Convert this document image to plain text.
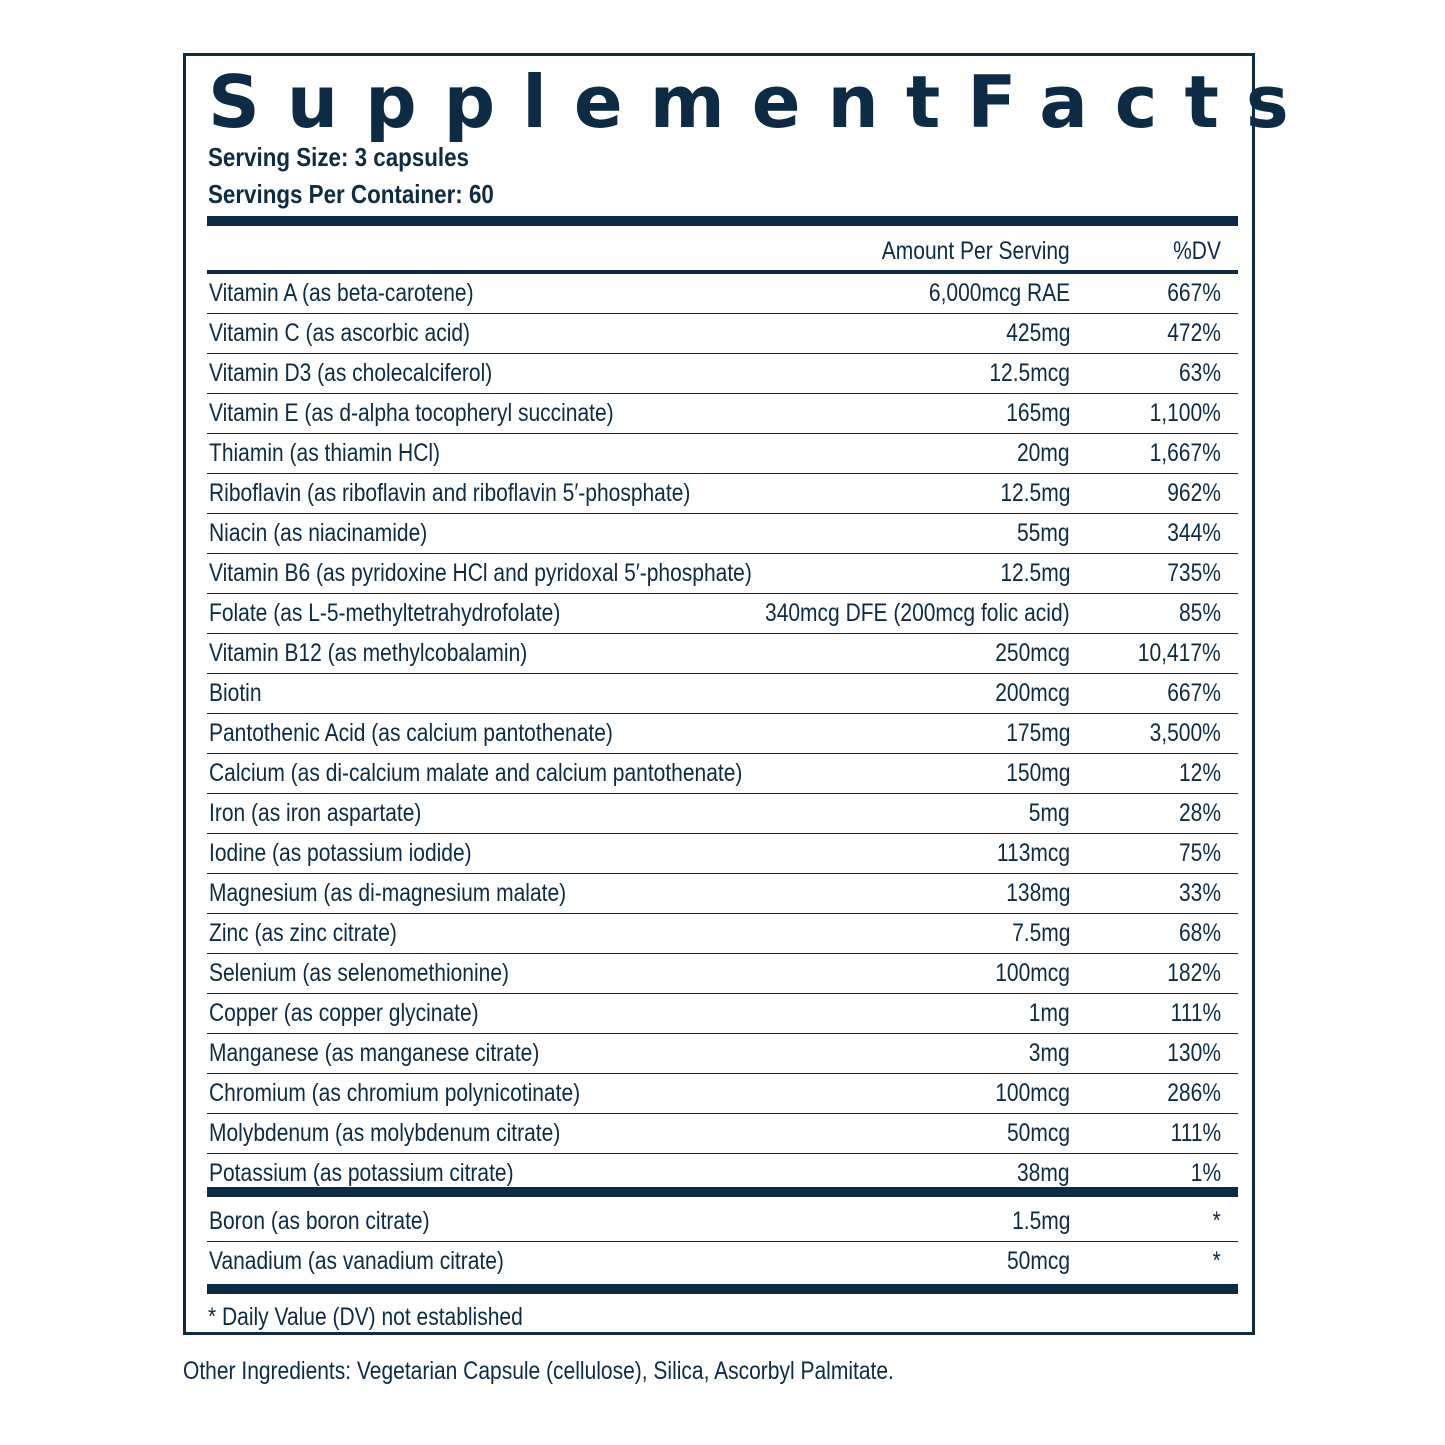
Supplement Facts
Serving Size: 3 capsules
Servings Per Container: 60
Amount Per Serving	%DV
Vitamin A (as beta-carotene)	6,000mcg RAE	667%
Vitamin C (as ascorbic acid)	425mg	472%
Vitamin D3 (as cholecalciferol)	12.5mcg	63%
Vitamin E (as d-alpha tocopheryl succinate)	165mg	1,100%
Thiamin (as thiamin HCl)	20mg	1,667%
Riboflavin (as riboflavin and riboflavin 5′-phosphate)	12.5mg	962%
Niacin (as niacinamide)	55mg	344%
Vitamin B6 (as pyridoxine HCl and pyridoxal 5′-phosphate)	12.5mg	735%
Folate (as L-5-methyltetrahydrofolate)	340mcg DFE (200mcg folic acid)	85%
Vitamin B12 (as methylcobalamin)	250mcg	10,417%
Biotin	200mcg	667%
Pantothenic Acid (as calcium pantothenate)	175mg	3,500%
Calcium (as di-calcium malate and calcium pantothenate)	150mg	12%
Iron (as iron aspartate)	5mg	28%
Iodine (as potassium iodide)	113mcg	75%
Magnesium (as di-magnesium malate)	138mg	33%
Zinc (as zinc citrate)	7.5mg	68%
Selenium (as selenomethionine)	100mcg	182%
Copper (as copper glycinate)	1mg	111%
Manganese (as manganese citrate)	3mg	130%
Chromium (as chromium polynicotinate)	100mcg	286%
Molybdenum (as molybdenum citrate)	50mcg	111%
Potassium (as potassium citrate)	38mg	1%
Boron (as boron citrate)	1.5mg	*
Vanadium (as vanadium citrate)	50mcg	*
* Daily Value (DV) not established
Other Ingredients: Vegetarian Capsule (cellulose), Silica, Ascorbyl Palmitate.
